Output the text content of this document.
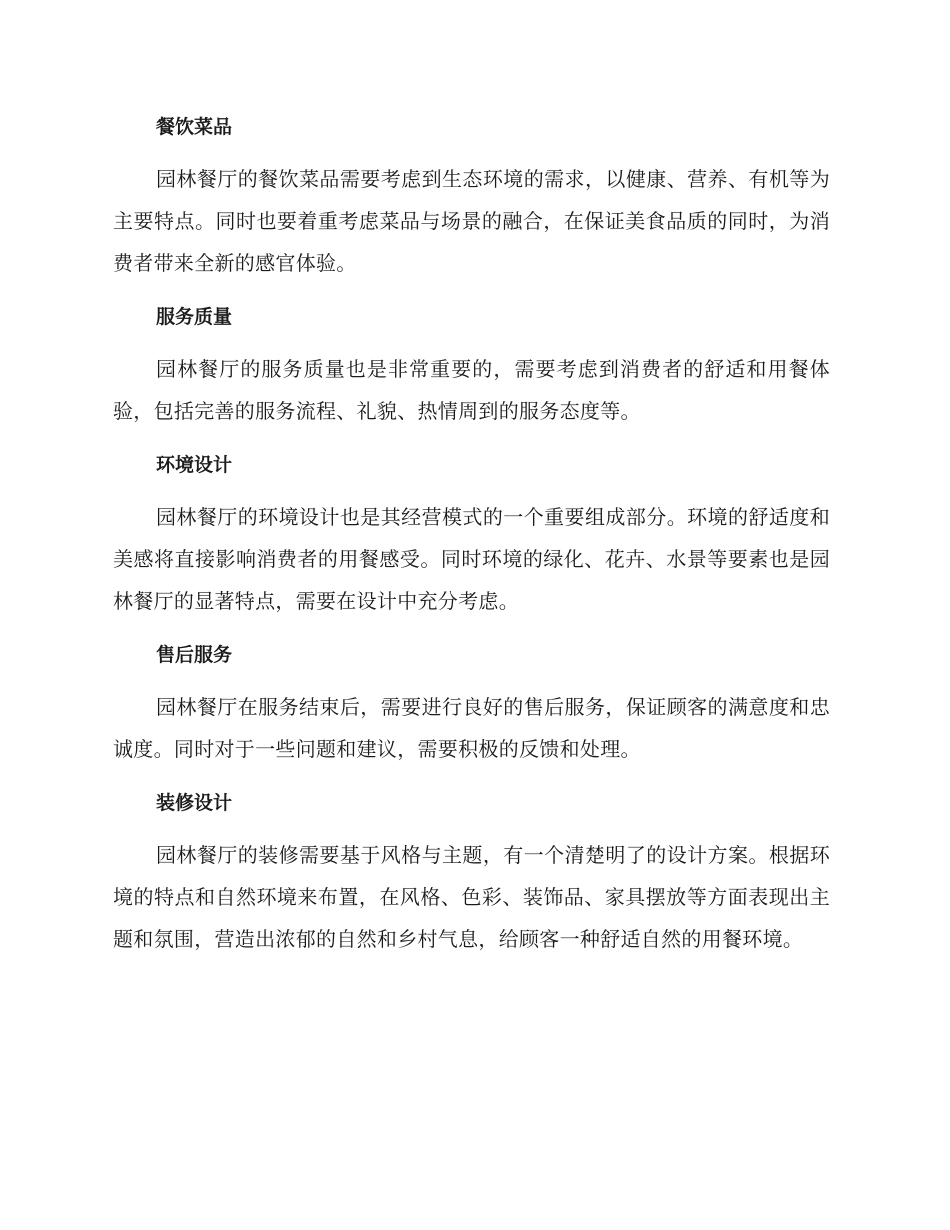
餐饮菜品

园林餐厅的餐饮菜品需要考虑到生态环境的需求，以健康、营养、有机等为主要特点。同时也要着重考虑菜品与场景的融合，在保证美食品质的同时，为消费者带来全新的感官体验。

服务质量

园林餐厅的服务质量也是非常重要的，需要考虑到消费者的舒适和用餐体验，包括完善的服务流程、礼貌、热情周到的服务态度等。

环境设计

园林餐厅的环境设计也是其经营模式的一个重要组成部分。环境的舒适度和美感将直接影响消费者的用餐感受。同时环境的绿化、花卉、水景等要素也是园林餐厅的显著特点，需要在设计中充分考虑。

售后服务

园林餐厅在服务结束后，需要进行良好的售后服务，保证顾客的满意度和忠诚度。同时对于一些问题和建议，需要积极的反馈和处理。

装修设计

园林餐厅的装修需要基于风格与主题，有一个清楚明了的设计方案。根据环境的特点和自然环境来布置，在风格、色彩、装饰品、家具摆放等方面表现出主题和氛围，营造出浓郁的自然和乡村气息，给顾客一种舒适自然的用餐环境。
